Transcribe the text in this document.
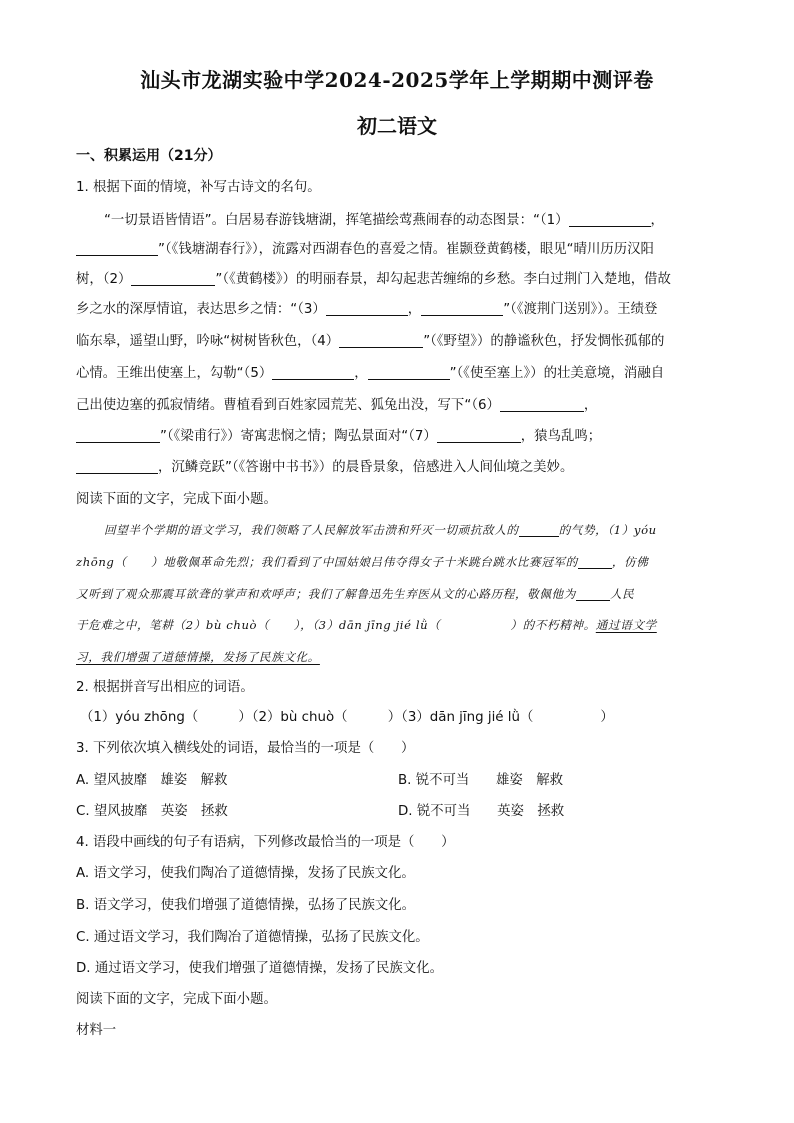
汕头市龙湖实验中学2024-2025学年上学期期中测评卷
初二语文
一、积累运用（21分）
1. 根据下面的情境，补写古诗文的名句。
“一切景语皆情语”。白居易春游钱塘湖，挥笔描绘莺燕闹春的动态图景：“（1）	，
”（《钱塘湖春行》），流露对西湖春色的喜爱之情。崔颢登黄鹤楼，眼见“晴川历历汉阳
树，（2）	”（《黄鹤楼》）的明丽春景，却勾起悲苦缠绵的乡愁。李白过荆门入楚地，借故
乡之水的深厚情谊，表达思乡之情：“（3）	，	”（《渡荆门送别》）。王绩登
临东皋，遥望山野，吟咏“树树皆秋色，（4）	”（《野望》）的静谧秋色，抒发惆怅孤郁的
心情。王维出使塞上，勾勒“（5）	，	”（《使至塞上》）的壮美意境，消融自
己出使边塞的孤寂情绪。曹植看到百姓家园荒芜、狐兔出没，写下“（6）	，
”（《梁甫行》）寄寓悲悯之情；陶弘景面对“（7）	，猿鸟乱鸣；
，沉鳞竞跃”（《答谢中书书》）的晨昏景象，倍感进入人间仙境之美妙。
阅读下面的文字，完成下面小题。
回望半个学期的语文学习，我们领略了人民解放军击溃和歼灭一切顽抗敌人的	的气势，（1）yóu
zhōng（　　）地敬佩革命先烈；我们看到了中国姑娘吕伟夺得女子十米跳台跳水比赛冠军的	，仿佛
又听到了观众那震耳欲聋的掌声和欢呼声；我们了解鲁迅先生弃医从文的心路历程，敬佩他为	人民
于危难之中，笔耕（2）bù chuò（　　），（3）dān jīng jié lǜ（	）的不朽精神。通过语文学
习，我们增强了道德情操，发扬了民族文化。
2. 根据拼音写出相应的词语。
（1）yóu zhōng（　　　）（2）bù chuò（　　　）（3）dān jīng jié lǜ（　　　　　）
3. 下列依次填入横线处的词语，最恰当的一项是（　　）
A. 望风披靡　雄姿　解救	B. 锐不可当　　雄姿　解救
C. 望风披靡　英姿　拯救	D. 锐不可当　　英姿　拯救
4. 语段中画线的句子有语病，下列修改最恰当的一项是（　　）
A. 语文学习，使我们陶冶了道德情操，发扬了民族文化。
B. 语文学习，使我们增强了道德情操，弘扬了民族文化。
C. 通过语文学习，我们陶冶了道德情操，弘扬了民族文化。
D. 通过语文学习，使我们增强了道德情操，发扬了民族文化。
阅读下面的文字，完成下面小题。
材料一
